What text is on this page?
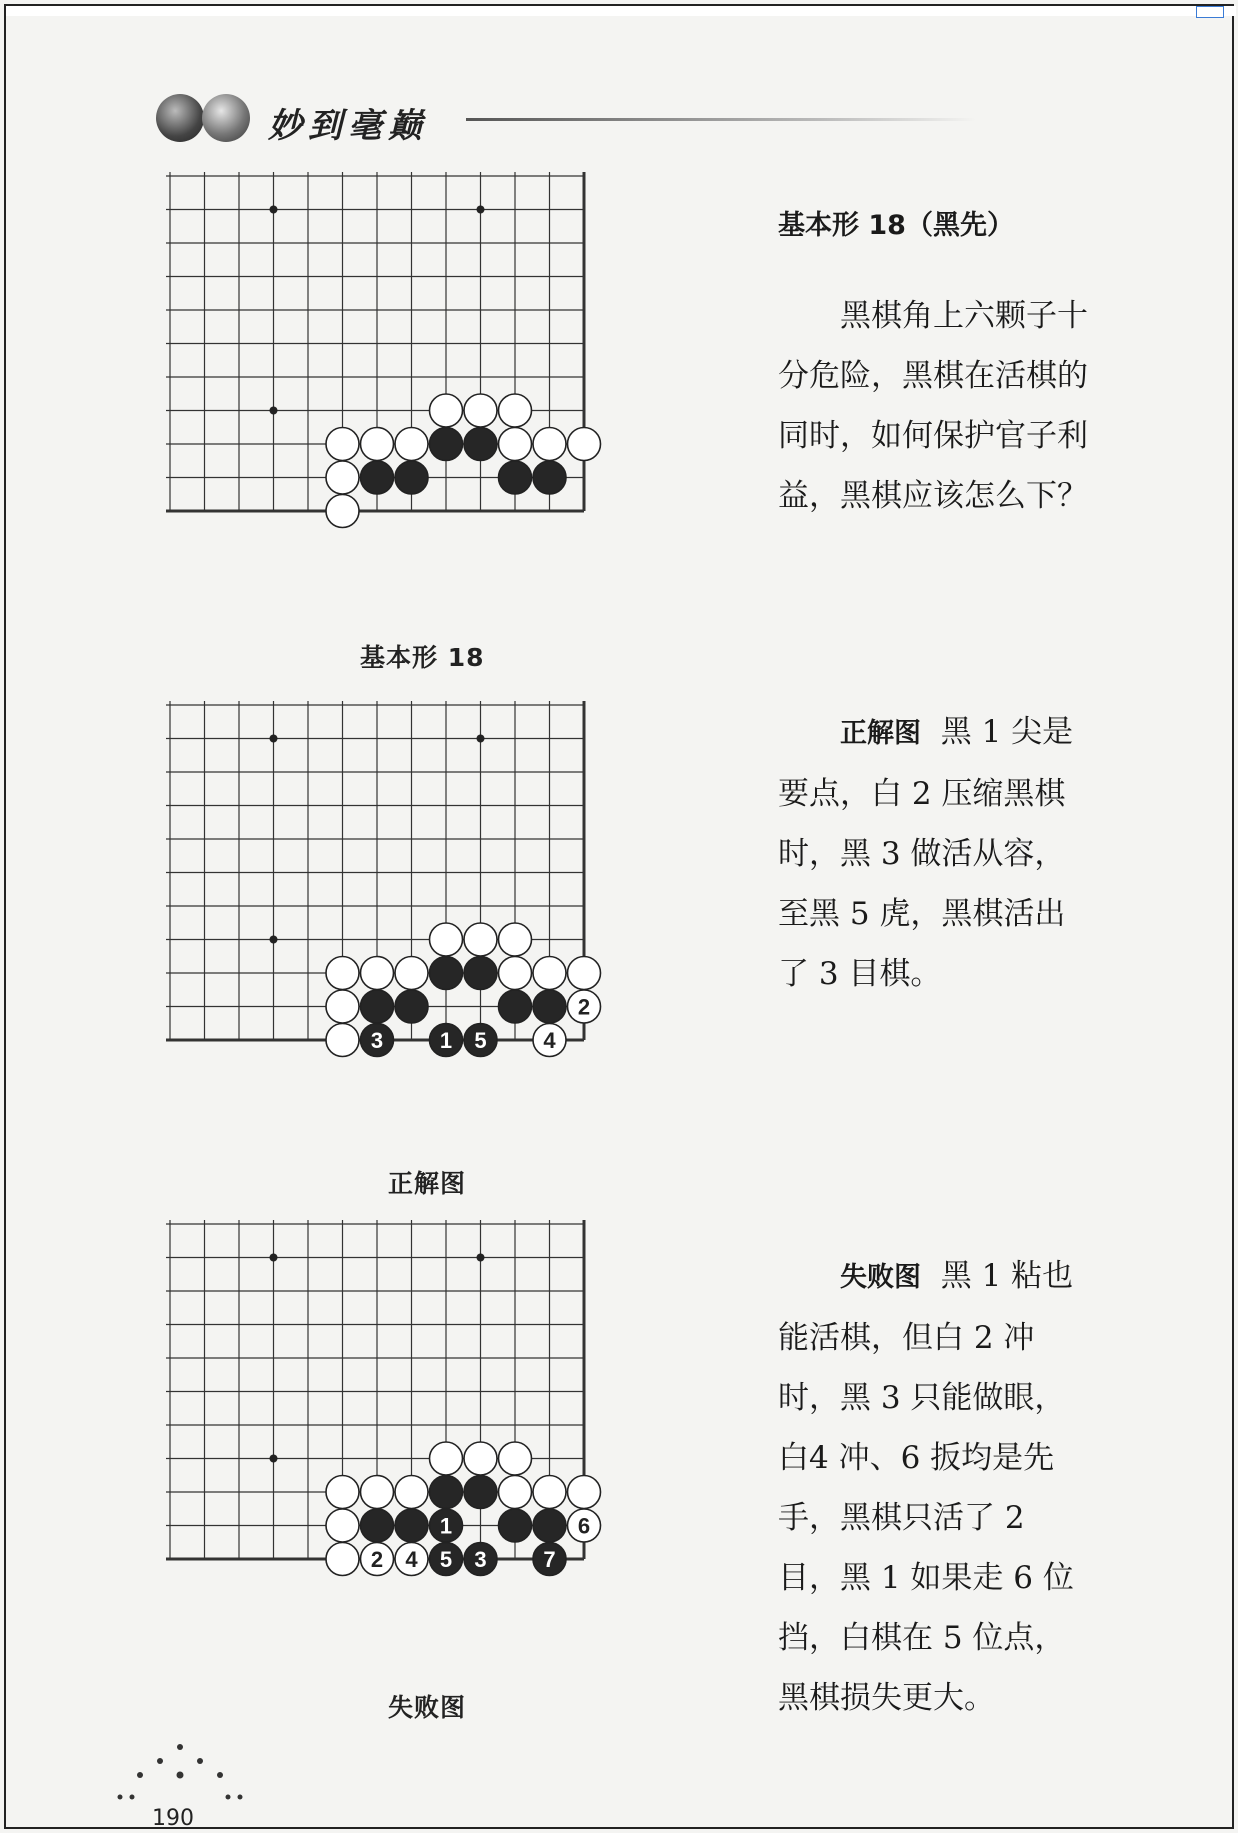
妙到毫巅
基本形 18

基本形 18（黑先）

黑棋角上六颗子十分危险，黑棋在活棋的同时，如何保护官子利益，黑棋应该怎么下？

2
3	1 5	4
正解图

正解图 黑 1 尖是要点，白 2 压缩黑棋时，黑 3 做活从容，至黑 5 虎，黑棋活出了 3 目棋。

1	6
2 4 5 3	7
失败图

失败图 黑 1 粘也能活棋，但白 2 冲时，黑 3 只能做眼，白4 冲、6 扳均是先手，黑棋只活了 2 目，黑 1 如果走 6 位挡，白棋在 5 位点，黑棋损失更大。

190
